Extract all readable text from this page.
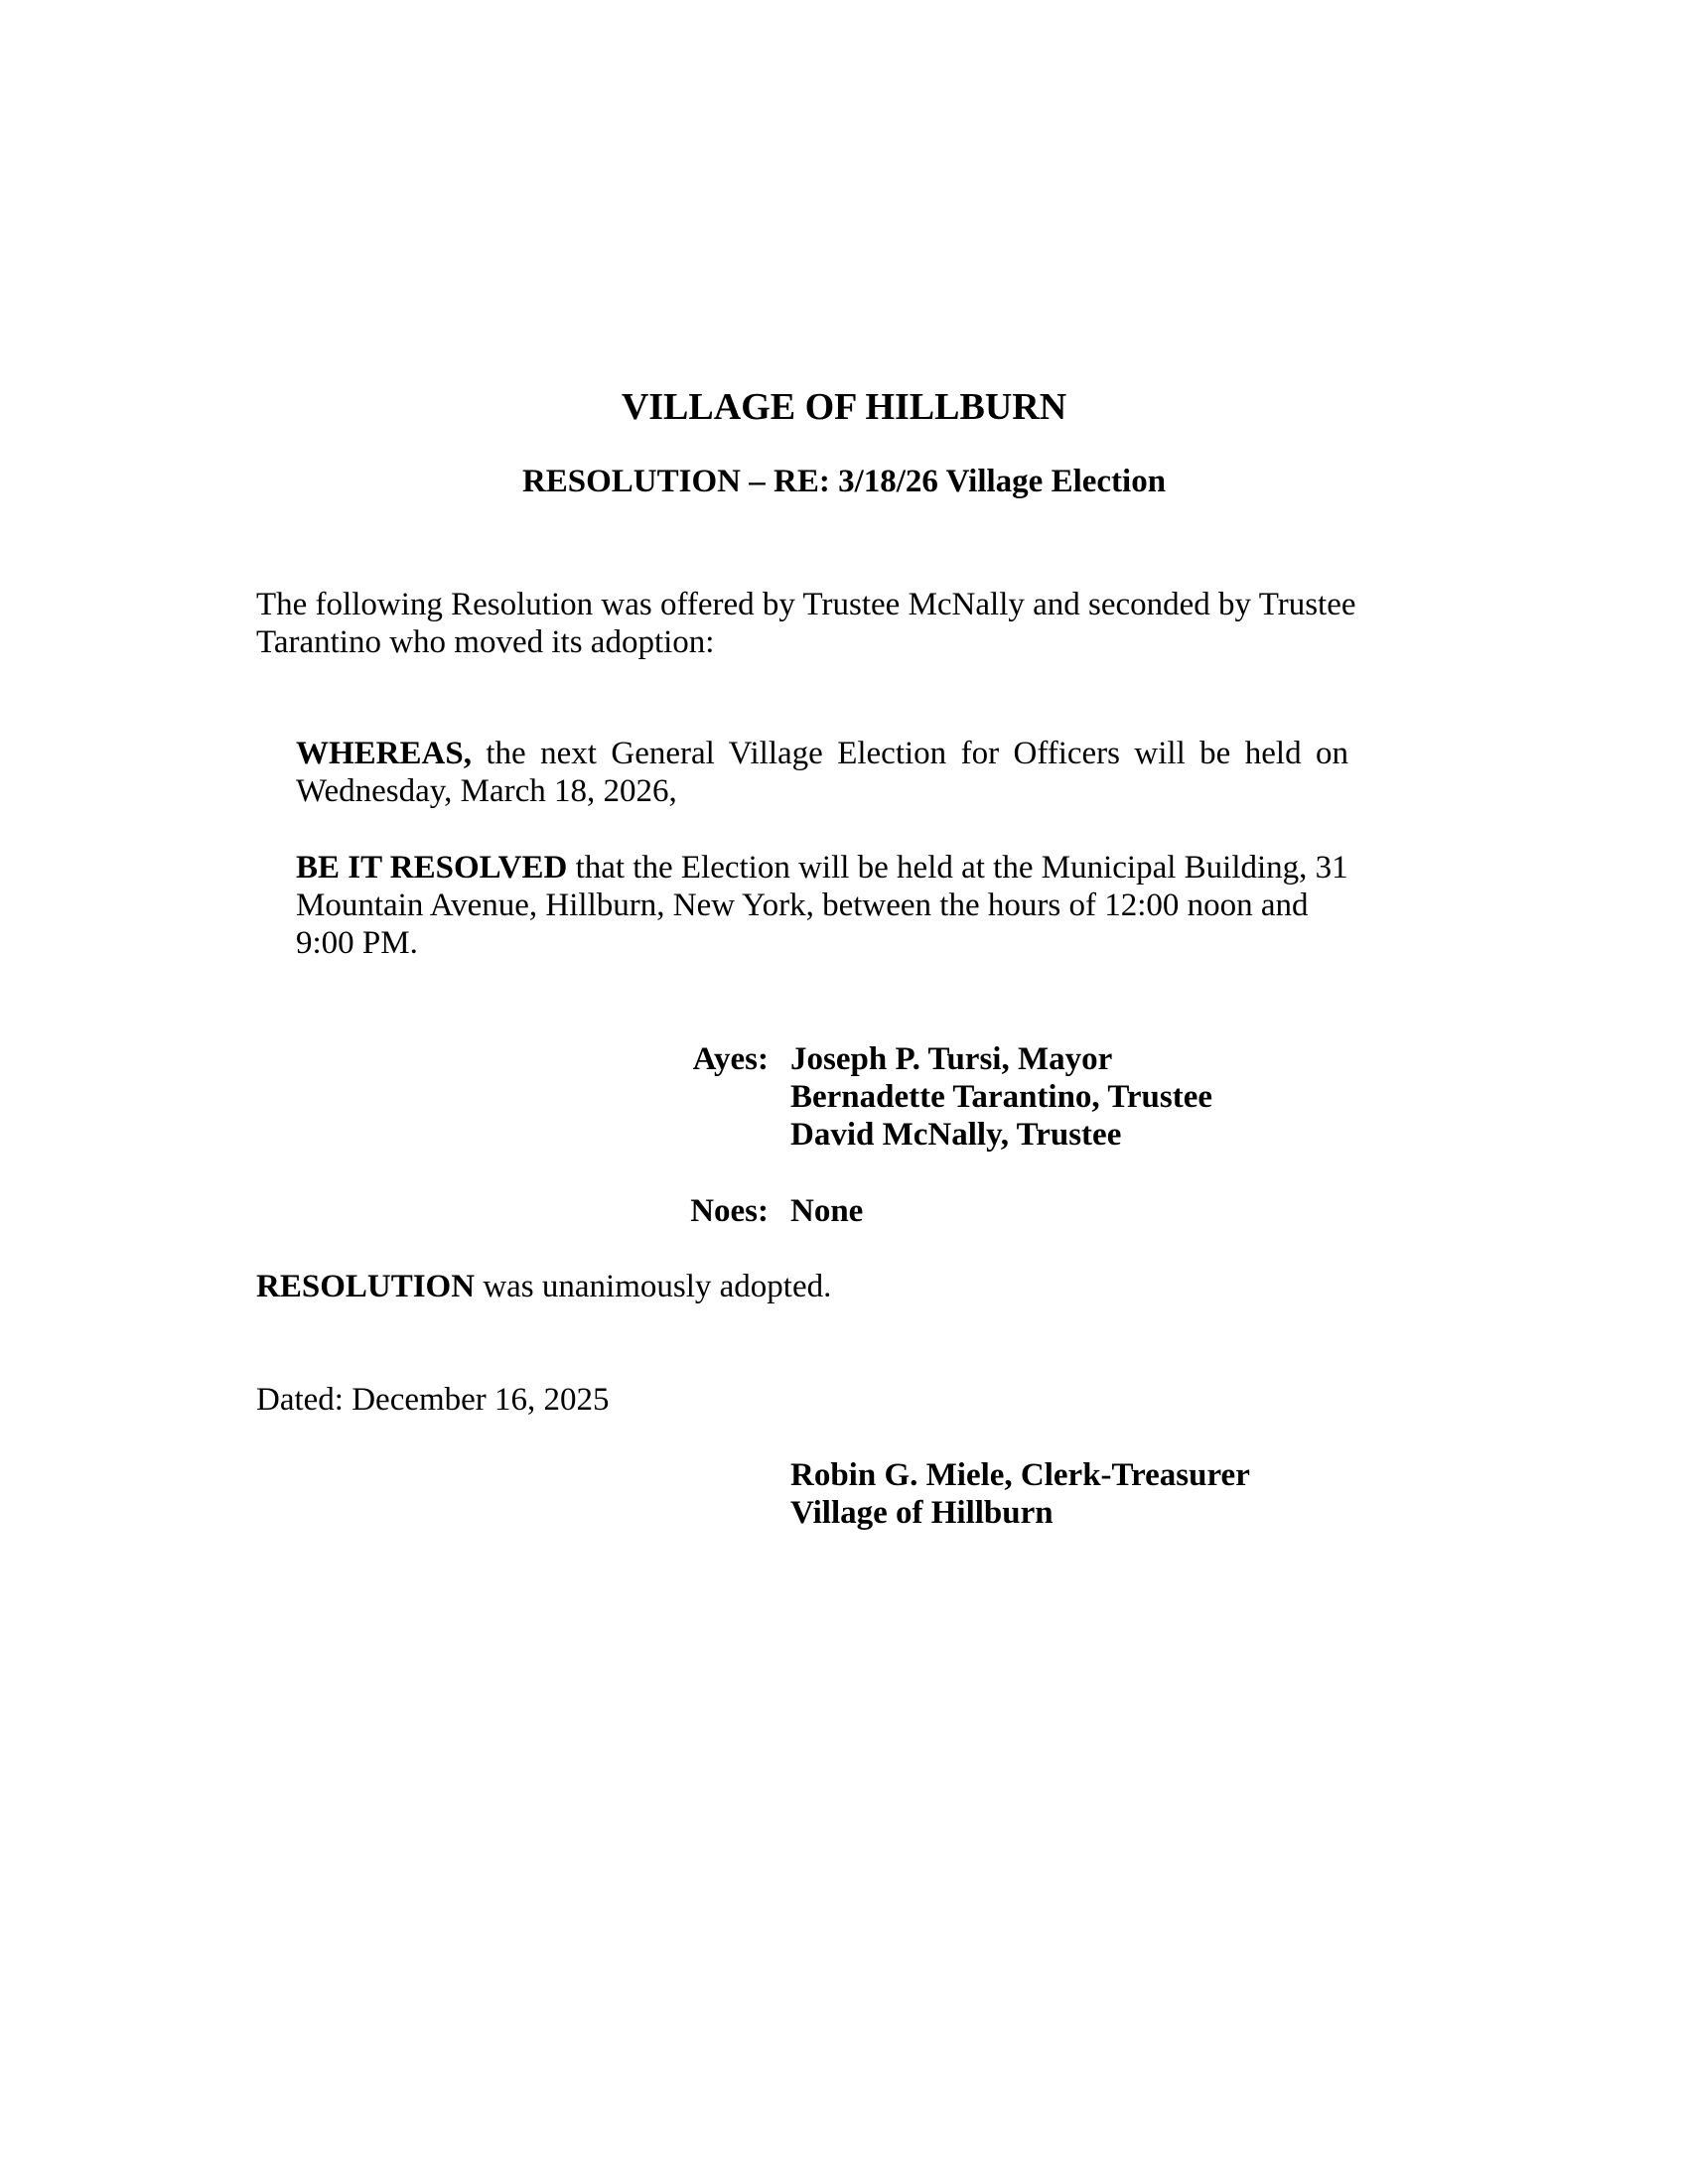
VILLAGE OF HILLBURN
RESOLUTION – RE: 3/18/26 Village Election

The following Resolution was offered by Trustee McNally and seconded by Trustee Tarantino who moved its adoption:

WHEREAS, the next General Village Election for Officers will be held on Wednesday, March 18, 2026,

BE IT RESOLVED that the Election will be held at the Municipal Building, 31 Mountain Avenue, Hillburn, New York, between the hours of 12:00 noon and 9:00 PM.

Ayes: Joseph P. Tursi, Mayor
Bernadette Tarantino, Trustee
David McNally, Trustee
Noes: None

RESOLUTION was unanimously adopted.

Dated: December 16, 2025

Robin G. Miele, Clerk-Treasurer
Village of Hillburn
